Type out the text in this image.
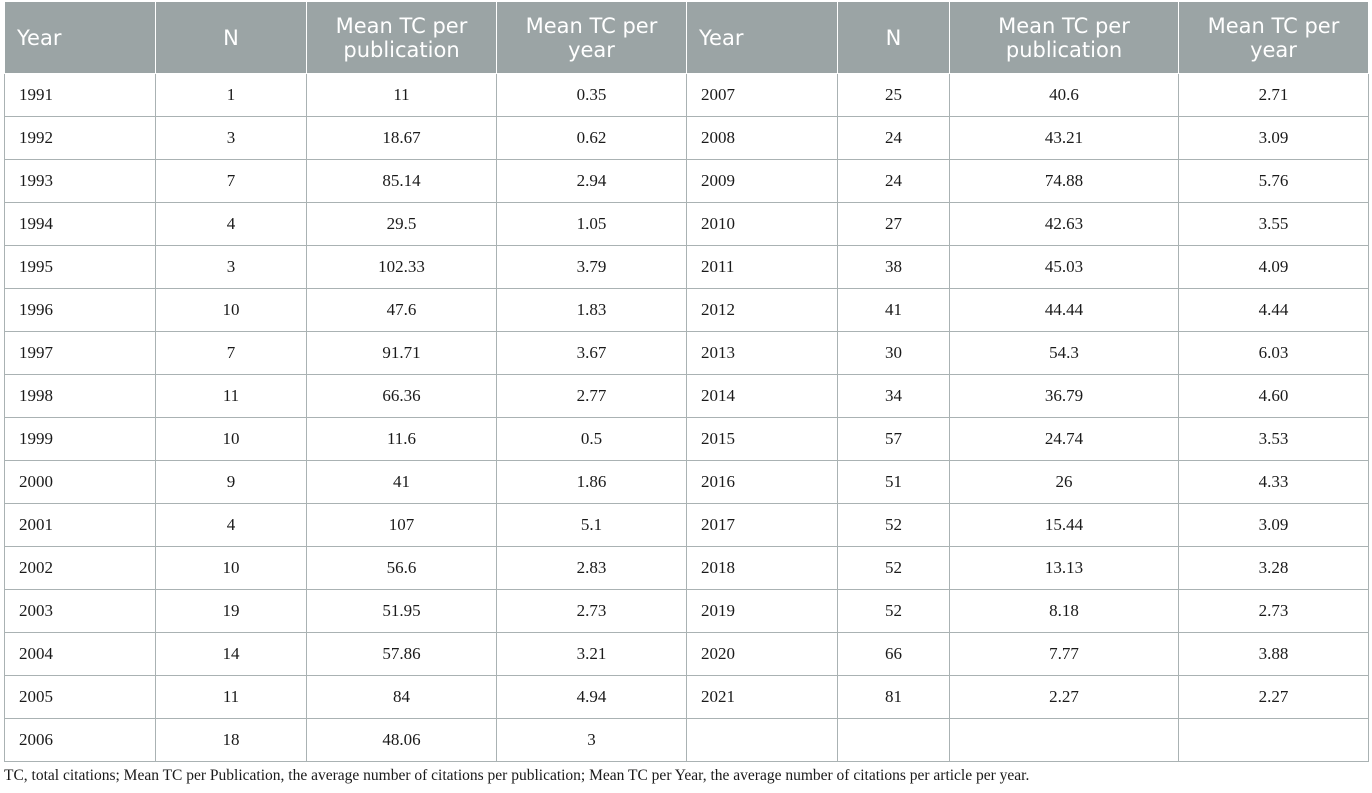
Year	N	Mean TC per publication	Mean TC per year	Year	N	Mean TC per publication	Mean TC per year
1991	1	11	0.35	2007	25	40.6	2.71
1992	3	18.67	0.62	2008	24	43.21	3.09
1993	7	85.14	2.94	2009	24	74.88	5.76
1994	4	29.5	1.05	2010	27	42.63	3.55
1995	3	102.33	3.79	2011	38	45.03	4.09
1996	10	47.6	1.83	2012	41	44.44	4.44
1997	7	91.71	3.67	2013	30	54.3	6.03
1998	11	66.36	2.77	2014	34	36.79	4.60
1999	10	11.6	0.5	2015	57	24.74	3.53
2000	9	41	1.86	2016	51	26	4.33
2001	4	107	5.1	2017	52	15.44	3.09
2002	10	56.6	2.83	2018	52	13.13	3.28
2003	19	51.95	2.73	2019	52	8.18	2.73
2004	14	57.86	3.21	2020	66	7.77	3.88
2005	11	84	4.94	2021	81	2.27	2.27
2006	18	48.06	3				
TC, total citations; Mean TC per Publication, the average number of citations per publication; Mean TC per Year, the average number of citations per article per year.
